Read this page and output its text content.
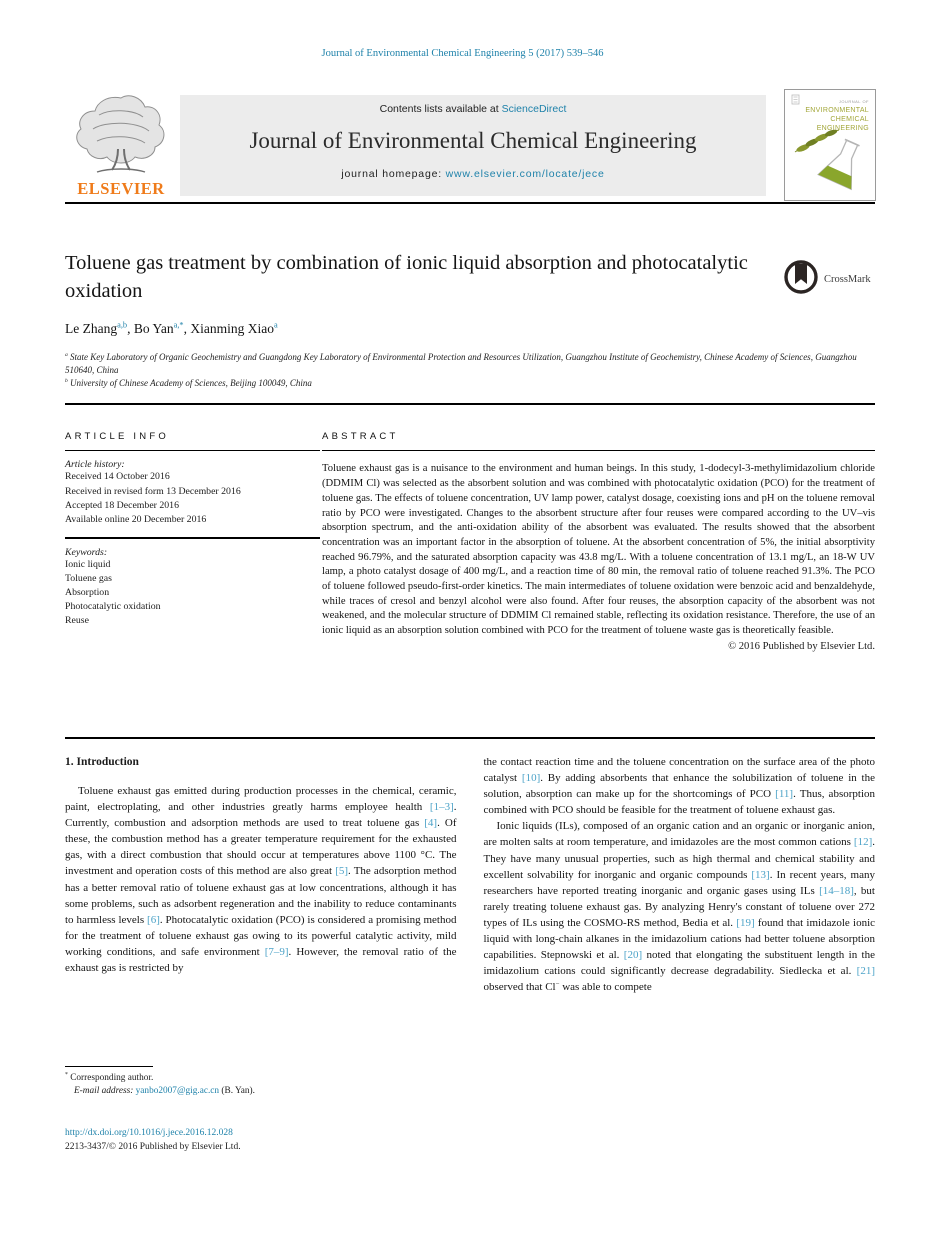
Journal of Environmental Chemical Engineering 5 (2017) 539–546
ELSEVIER
Contents lists available at ScienceDirect
Journal of Environmental Chemical Engineering
journal homepage: www.elsevier.com/locate/jece
JOURNAL OF
ENVIRONMENTAL
CHEMICAL
ENGINEERING
Toluene gas treatment by combination of ionic liquid absorption and photocatalytic oxidation
CrossMark
Le Zhang$^{a,b}$, Bo Yan$^{a,*}$, Xianming Xiao$^a$
$^a$ State Key Laboratory of Organic Geochemistry and Guangdong Key Laboratory of Environmental Protection and Resources Utilization, Guangzhou Institute of Geochemistry, Chinese Academy of Sciences, Guangzhou 510640, China
$^b$ University of Chinese Academy of Sciences, Beijing 100049, China
ARTICLE INFO
Article history:
Received 14 October 2016
Received in revised form 13 December 2016
Accepted 18 December 2016
Available online 20 December 2016
Keywords:
Ionic liquid
Toluene gas
Absorption
Photocatalytic oxidation
Reuse
ABSTRACT
Toluene exhaust gas is a nuisance to the environment and human beings. In this study, 1-dodecyl-3-methylimidazolium chloride (DDMIM Cl) was selected as the absorbent solution and was combined with photocatalytic oxidation (PCO) for the treatment of toluene gas. The effects of toluene concentration, UV lamp power, catalyst dosage, coexisting ions and pH on the toluene removal ratio by PCO were investigated. Changes to the absorbent structure after four reuses were compared according to the UV–vis absorption spectrum, and the anti-oxidation ability of the absorbent was evaluated. The results showed that the absorbent concentration was an important factor in the absorption of toluene. At the absorbent concentration of 5%, the initial absorptivity reached 96.79%, and the saturated absorption capacity was 43.8 mg/L. With a toluene concentration of 13.1 mg/L, an 18-W UV lamp, a photo catalyst dosage of 400 mg/L, and a reaction time of 80 min, the removal ratio of toluene reached 91.3%. The PCO of toluene followed pseudo-first-order kinetics. The main intermediates of toluene oxidation were benzoic acid and benzaldehyde, while traces of cresol and benzyl alcohol were also found. After four reuses, the absorption capacity of the absorbent was not weakened, and the molecular structure of DDMIM Cl remained stable, reflecting its oxidation resistance. Therefore, the use of an ionic liquid as an absorption solution combined with PCO for the treatment of toluene waste gas is theoretically feasible.
© 2016 Published by Elsevier Ltd.
1. Introduction

Toluene exhaust gas emitted during production processes in the chemical, ceramic, paint, electroplating, and other industries greatly harms employee health [1–3]. Currently, combustion and adsorption methods are used to treat toluene gas [4]. Of these, the combustion method has a greater temperature requirement for the exhausted gas, with a direct combustion that should occur at temperatures above 1100 °C. The investment and operation costs of this method are also great [5]. The adsorption method has a better removal ratio of toluene exhaust gas at low concentrations, although it has some problems, such as adsorbent regeneration and the inability to reduce contaminants to harmless levels [6]. Photocatalytic oxidation (PCO) is considered a promising method for the treatment of toluene exhaust gas owing to its powerful catalytic activity, mild working conditions, and safe environment [7–9]. However, the removal ratio of the exhaust gas is restricted by

the contact reaction time and the toluene concentration on the surface area of the photo catalyst [10]. By adding absorbents that enhance the solubilization of toluene in the solution, absorption can make up for the shortcomings of PCO [11]. Thus, absorption combined with PCO should be feasible for the treatment of toluene exhaust gas.

Ionic liquids (ILs), composed of an organic cation and an organic or inorganic anion, are molten salts at room temperature, and imidazoles are the most common cations [12]. They have many unusual properties, such as high thermal and chemical stability and excellent solvability for inorganic and organic compounds [13]. In recent years, many researchers have reported treating inorganic and organic gases using ILs [14–18], but rarely treating toluene exhaust gas. By analyzing Henry's constant of toluene over 272 types of ILs using the COSMO-RS method, Bedia et al. [19] found that imidazole ionic liquid with long-chain alkanes in the imidazolium cations had better toluene absorption capabilities. Stepnowski et al. [20] noted that elongating the substituent length in the imidazolium cations could significantly decrease degradability. Siedlecka et al. [21] observed that Cl− was able to compete

* Corresponding author.
E-mail address: yanbo2007@gig.ac.cn (B. Yan).
http://dx.doi.org/10.1016/j.jece.2016.12.028
2213-3437/© 2016 Published by Elsevier Ltd.
